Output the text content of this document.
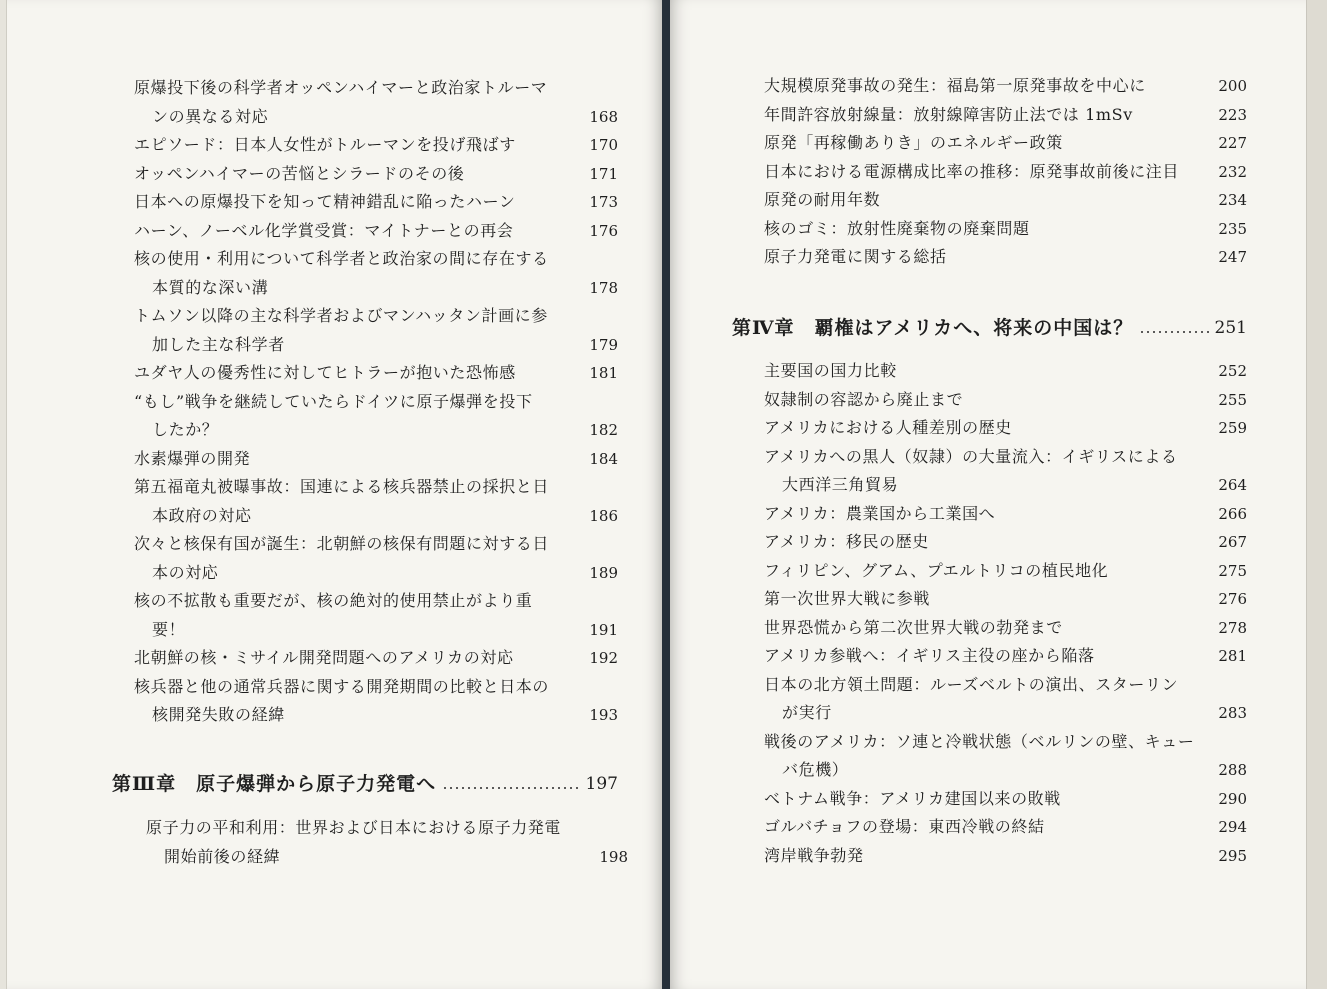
原爆投下後の科学者オッペンハイマーと政治家トルーマ
ンの異なる対応	168
エピソード：日本人女性がトルーマンを投げ飛ばす	170
オッペンハイマーの苦悩とシラードのその後	171
日本への原爆投下を知って精神錯乱に陥ったハーン	173
ハーン、ノーベル化学賞受賞：マイトナーとの再会	176
核の使用・利用について科学者と政治家の間に存在する
本質的な深い溝	178
トムソン以降の主な科学者およびマンハッタン計画に参
加した主な科学者	179
ユダヤ人の優秀性に対してヒトラーが抱いた恐怖感	181
“もし”戦争を継続していたらドイツに原子爆弾を投下
したか？	182
水素爆弾の開発	184
第五福竜丸被曝事故：国連による核兵器禁止の採択と日
本政府の対応	186
次々と核保有国が誕生：北朝鮮の核保有問題に対する日
本の対応	189
核の不拡散も重要だが、核の絶対的使用禁止がより重
要！	191
北朝鮮の核・ミサイル開発問題へのアメリカの対応	192
核兵器と他の通常兵器に関する開発期間の比較と日本の
核開発失敗の経緯	193
第Ⅲ章　原子爆弾から原子力発電へ	197
原子力の平和利用：世界および日本における原子力発電
開始前後の経緯	198
大規模原発事故の発生：福島第一原発事故を中心に	200
年間許容放射線量：放射線障害防止法では 1mSv	223
原発「再稼働ありき」のエネルギー政策	227
日本における電源構成比率の推移：原発事故前後に注目	232
原発の耐用年数	234
核のゴミ：放射性廃棄物の廃棄問題	235
原子力発電に関する総括	247
第Ⅳ章　覇権はアメリカへ、将来の中国は？	251
主要国の国力比較	252
奴隷制の容認から廃止まで	255
アメリカにおける人種差別の歴史	259
アメリカへの黒人（奴隷）の大量流入：イギリスによる
大西洋三角貿易	264
アメリカ：農業国から工業国へ	266
アメリカ：移民の歴史	267
フィリピン、グアム、プエルトリコの植民地化	275
第一次世界大戦に参戦	276
世界恐慌から第二次世界大戦の勃発まで	278
アメリカ参戦へ：イギリス主役の座から陥落	281
日本の北方領土問題：ルーズベルトの演出、スターリン
が実行	283
戦後のアメリカ：ソ連と冷戦状態（ベルリンの壁、キュー
バ危機）	288
ベトナム戦争：アメリカ建国以来の敗戦	290
ゴルバチョフの登場：東西冷戦の終結	294
湾岸戦争勃発	295
